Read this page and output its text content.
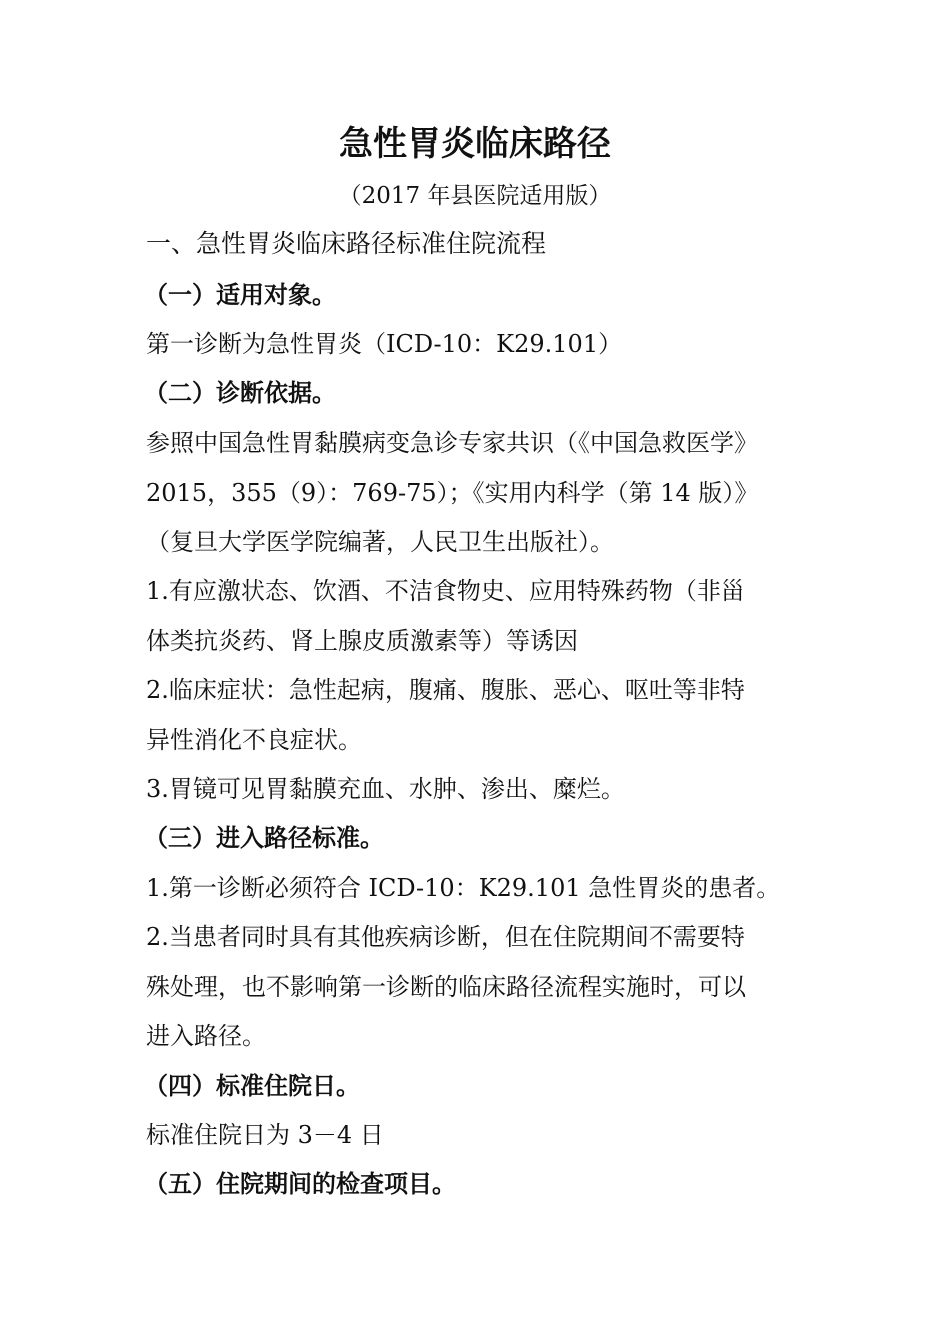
急性胃炎临床路径
（2017 年县医院适用版）
一、急性胃炎临床路径标准住院流程
（一）适用对象。
第一诊断为急性胃炎（ICD-10：K29.101）
（二）诊断依据。
参照中国急性胃黏膜病变急诊专家共识（《中国急救医学》
2015，355（9）：769-75）；《实用内科学（第 14 版）》
（复旦大学医学院编著，人民卫生出版社）。
1.有应激状态、饮酒、不洁食物史、应用特殊药物（非甾
体类抗炎药、肾上腺皮质激素等）等诱因
2.临床症状：急性起病，腹痛、腹胀、恶心、呕吐等非特
异性消化不良症状。
3.胃镜可见胃黏膜充血、水肿、渗出、糜烂。
（三）进入路径标准。
1.第一诊断必须符合 ICD-10：K29.101 急性胃炎的患者。
2.当患者同时具有其他疾病诊断，但在住院期间不需要特
殊处理，也不影响第一诊断的临床路径流程实施时，可以
进入路径。
（四）标准住院日。
标准住院日为 3－4 日
（五）住院期间的检查项目。
